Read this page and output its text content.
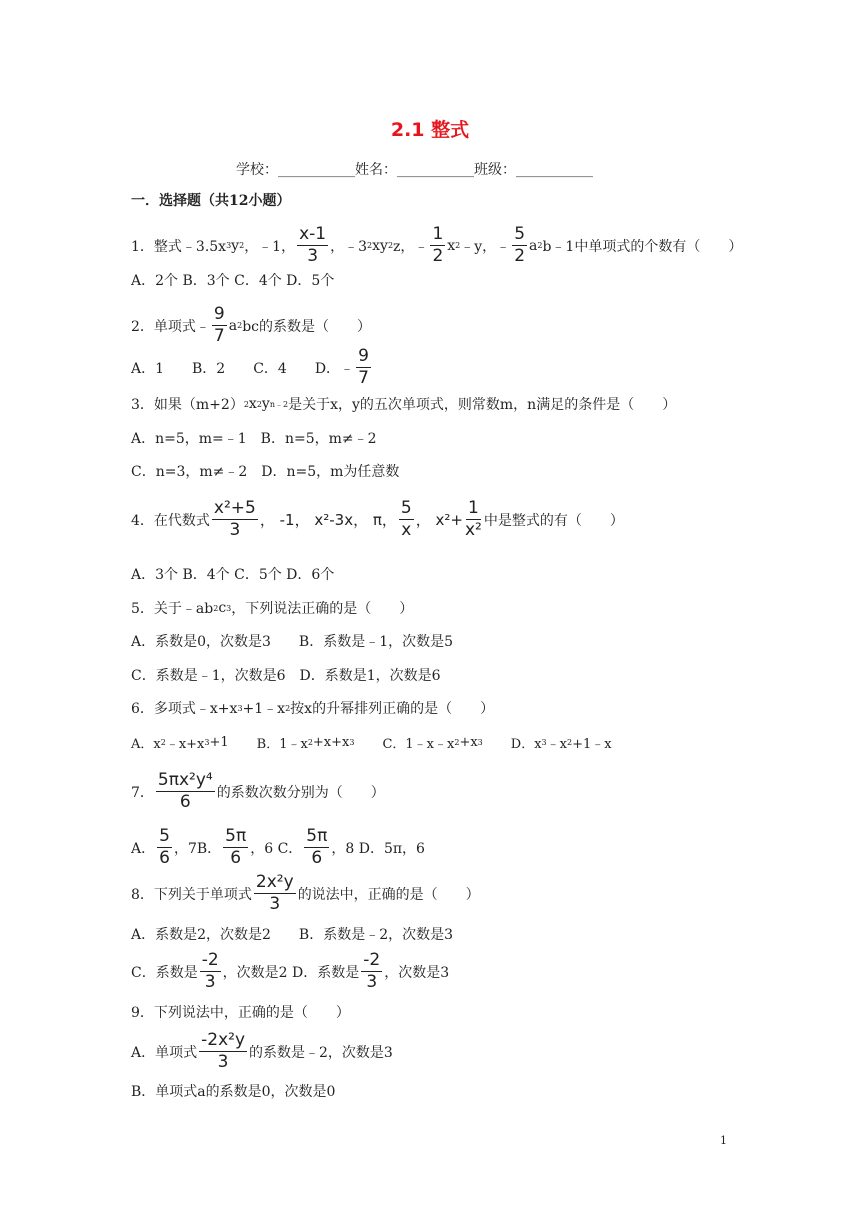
2.1 整式
学校：___________姓名：___________班级：___________
一．选择题（共12小题）
1．整式﹣3.5x 3 y 2 ，﹣1， $\frac{x-1}{3}$ ，﹣3 2 xy 2 z，﹣ $\frac{1}{2}$ x 2 ﹣y，﹣ $\frac{5}{2}$ a 2 b﹣1中单项式的个数有（　　）
A．2个 B．3个 C．4个 D．5个
2．单项式﹣ $\frac{9}{7}$ a 2 bc的系数是（　　）
A．1　　B．2　　C．4　　D．﹣ $\frac{9}{7}$
3．如果（m+2） 2 x 2 y n﹣2 是关于x，y的五次单项式，则常数m，n满足的条件是（　　）
A．n=5，m=﹣1　B．n=5，m≠﹣2
C．n=3，m≠﹣2　D．n=5，m为任意数
4．在代数式 $\frac{\text{x²+5}}{3}$ ， -1， x²-3x， π， $\frac{5}{x}$ ， $x^2+ \frac{1}{\text{x²}}$ 中是整式的有（　　）
A．3个 B．4个 C．5个 D．6个
5．关于﹣ab 2 c 3 ，下列说法正确的是（　　）
A．系数是0，次数是3　　B．系数是﹣1，次数是5
C．系数是﹣1，次数是6　D．系数是1，次数是6
6．多项式﹣x+x 3 +1﹣x 2 按x的升幂排列正确的是（　　）
A．x 2 ﹣x+x 3 +1 B．1﹣x 2 +x+x 3 C．1﹣x﹣x 2 +x 3 D．x 3 ﹣x 2 +1﹣x
7． $\frac{\text{5πx²y⁴}}{6}$ 的系数次数分别为（　　）
A． $\frac{5}{6}$ ，7B． $\frac{5\pi}{6}$ ，6 C． $\frac{5\pi}{6}$ ，8 D．5π，6
8．下列关于单项式 $\frac{\text{2x²y}}{3}$ 的说法中，正确的是（　　）
A．系数是2，次数是2　　B．系数是﹣2，次数是3
C．系数是 $\frac{-2}{3}$ ，次数是2 D．系数是 $\frac{-2}{3}$ ，次数是3
9．下列说法中，正确的是（　　）
A．单项式 $\frac{\text{-2x²y}}{3}$ 的系数是﹣2，次数是3
B．单项式a的系数是0，次数是0
1
